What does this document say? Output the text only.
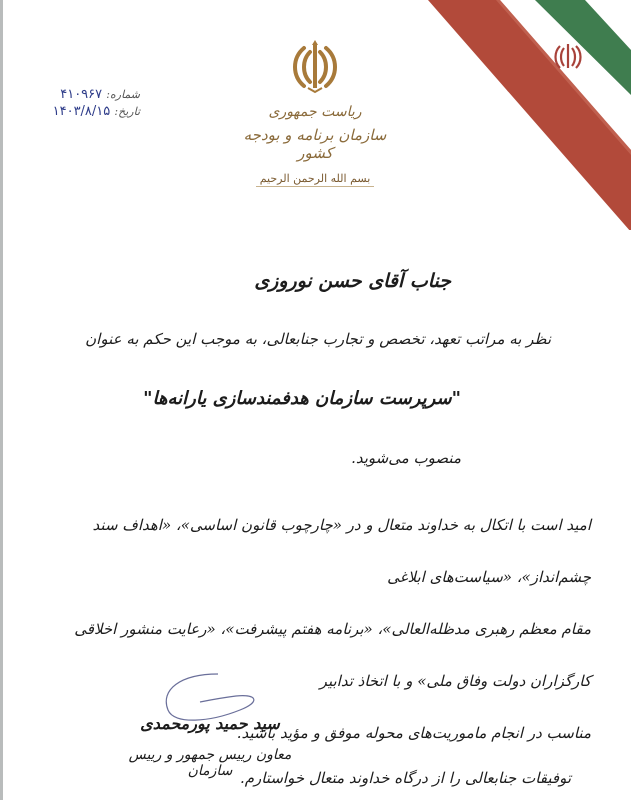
شماره: ۴۱۰۹۶۷
تاریخ: ۱۴۰۳/۸/۱۵	ریاست جمهوری
سازمان برنامه و بودجه کشور
بسم الله الرحمن الرحیم
جناب آقای حسن نوروزی
نظر به مراتب تعهد، تخصص و تجارب جنابعالی، به موجب این حکم به عنوان
"سرپرست سازمان هدفمندسازی یارانه‌ها"
منصوب می‌شوید.
امید است با اتکال به خداوند متعال و در «چارچوب قانون اساسی»، «اهداف سند چشم‌انداز»، «سیاست‌های ابلاغی
مقام معظم رهبری مدظله‌العالی»، «برنامه هفتم پیشرفت»، «رعایت منشور اخلاقی کارگزاران دولت وفاق ملی» و با اتخاذ تدابیر
مناسب در انجام ماموریت‌های محوله موفق و مؤید باشید.
توفیقات جنابعالی را از درگاه خداوند متعال خواستارم.
سید حمید پورمحمدی
معاون رییس جمهور و رییس سازمان
